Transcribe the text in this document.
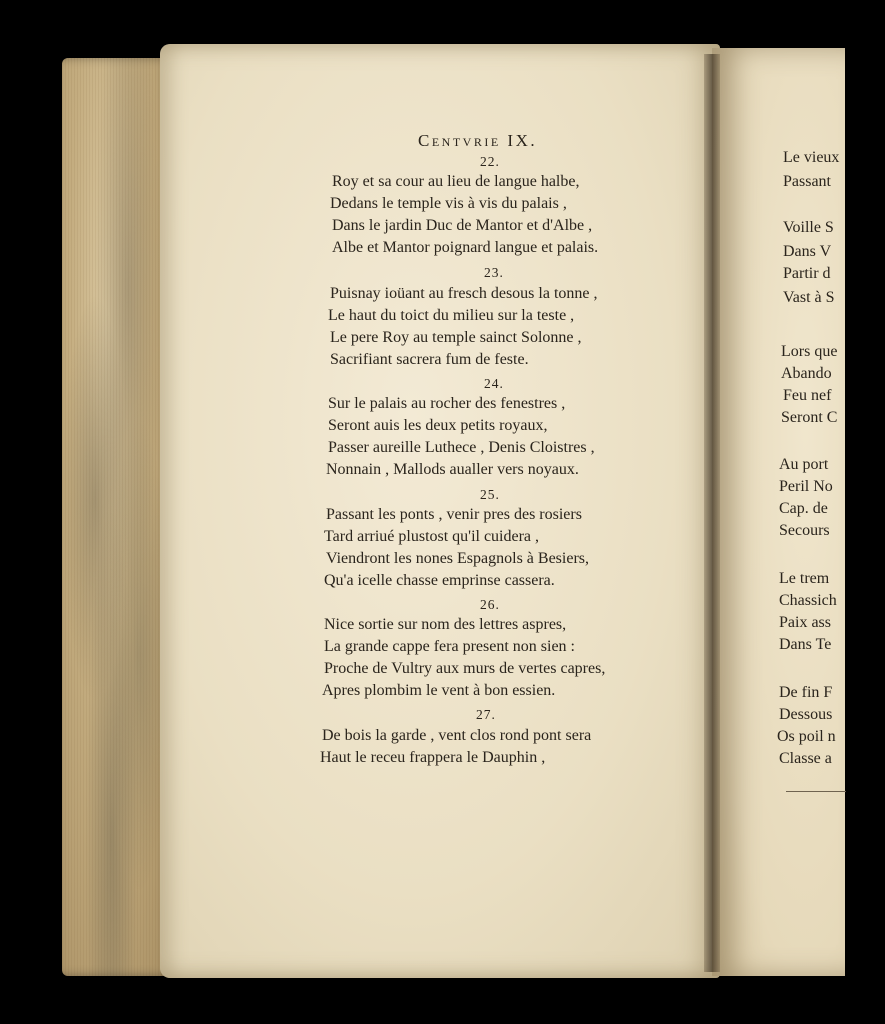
Centvrie IX.
22.
Roy et sa cour au lieu de langue halbe,
Dedans le temple vis à vis du palais ,
Dans le jardin Duc de Mantor et d'Albe ,
Albe et Mantor poignard langue et palais.
23.
Puisnay ioüant au fresch desous la tonne ,
Le haut du toict du milieu sur la teste ,
Le pere Roy au temple sainct Solonne ,
Sacrifiant sacrera fum de feste.
24.
Sur le palais au rocher des fenestres ,
Seront auis les deux petits royaux,
Passer aureille Luthece , Denis Cloistres ,
Nonnain , Mallods aualler vers noyaux.
25.
Passant les ponts , venir pres des rosiers
Tard arriué plustost qu'il cuidera ,
Viendront les nones Espagnols à Besiers,
Qu'a icelle chasse emprinse cassera.
26.
Nice sortie sur nom des lettres aspres,
La grande cappe fera present non sien :
Proche de Vultry aux murs de vertes capres,
Apres plombim le vent à bon essien.
27.
De bois la garde , vent clos rond pont sera
Haut le receu frappera le Dauphin ,
Le vieux
Passant
Voille S
Dans V
Partir d
Vast à S
Lors que
Abando
Feu nef
Seront C
Au port
Peril No
Cap. de
Secours
Le trem
Chassich
Paix ass
Dans Te
De fin F
Dessous
Os poil n
Classe a
